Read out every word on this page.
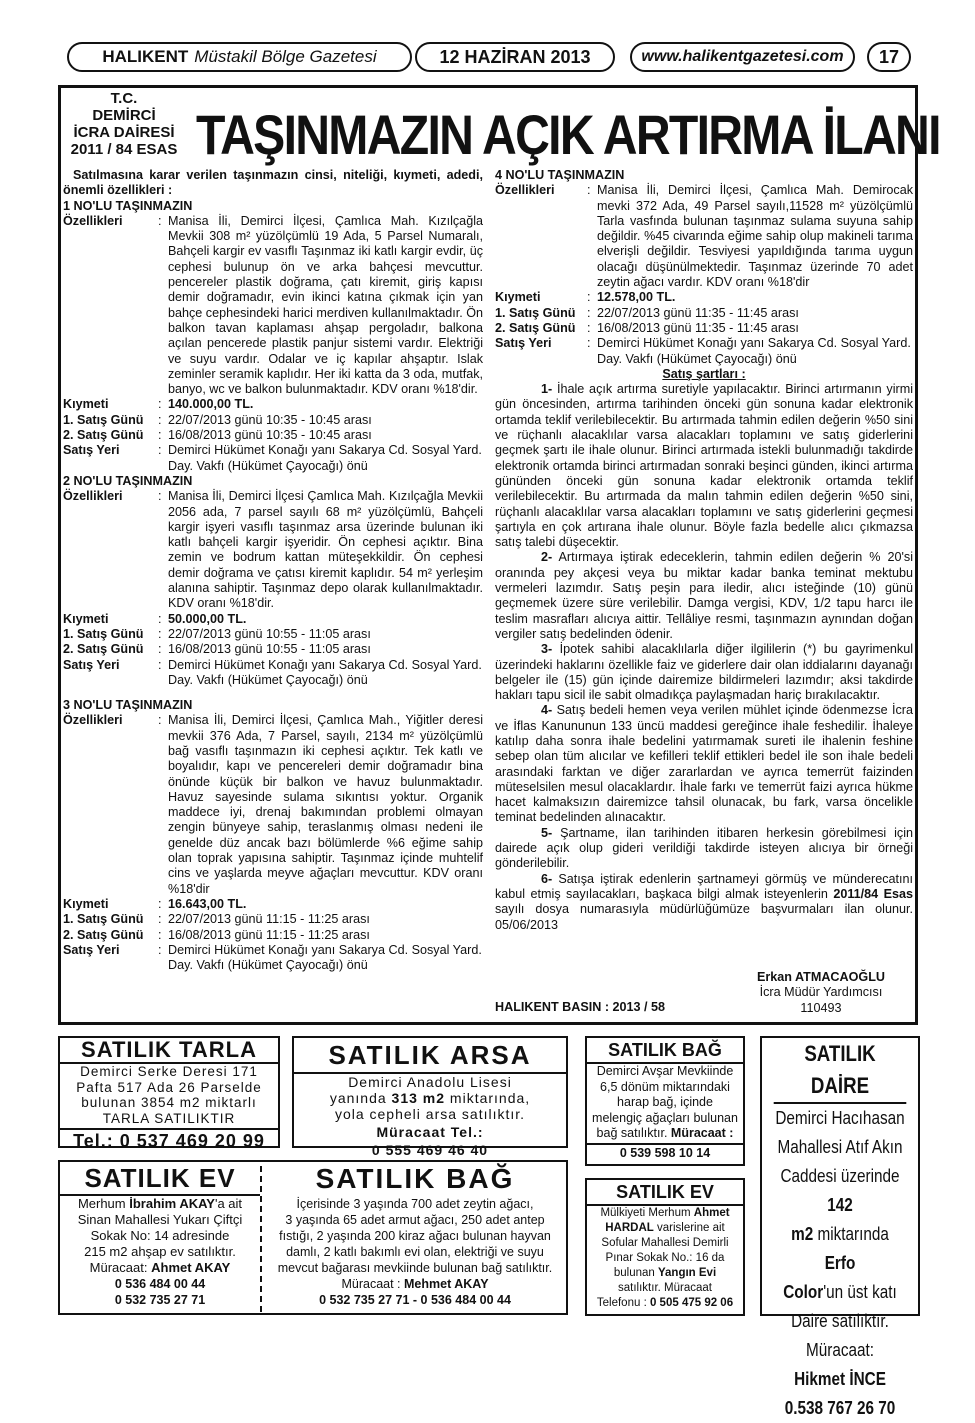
HALIKENT Müstakil Bölge Gazetesi	12 HAZİRAN 2013	www.halikentgazetesi.com	17
T.C.
DEMİRCİ
İCRA DAİRESİ
2011 / 84 ESAS TAŞINMAZIN AÇIK ARTIRMA İLANI
Satılmasına karar verilen taşınmazın cinsi, niteliği, kıymeti, adedi, önemli özellikleri :
1 NO'LU TAŞINMAZIN
Özellikleri	: Manisa İli, Demirci İlçesi, Çamlıca Mah. Kızılçağla Mevkii 308 m² yüzölçümlü 19 Ada, 5 Parsel Numaralı, Bahçeli kargir ev vasıflı Taşınmaz iki katlı kargir evdir, üç cephesi bulunup ön ve arka bahçesi mevcuttur. pencereler plastik doğrama, çatı kiremit, giriş kapısı demir doğramadır, evin ikinci katına çıkmak için yan bahçe cephesindeki harici merdiven kullanılmaktadır. Ön balkon tavan kaplaması ahşap pergoladır, balkona açılan pencerede plastik panjur sistemi vardır. Elektriği ve suyu vardır. Odalar ve iç kapılar ahşaptır. Islak zeminler seramik kaplıdır. Her iki katta da 3 oda, mutfak, banyo, wc ve balkon bulunmaktadır. KDV oranı %18'dir.
Kıymeti	: 140.000,00 TL.
1. Satış Günü	: 22/07/2013 günü 10:35 - 10:45 arası
2. Satış Günü	: 16/08/2013 günü 10:35 - 10:45 arası
Satış Yeri	: Demirci Hükümet Konağı yanı Sakarya Cd. Sosyal Yard. Day. Vakfı (Hükümet Çayocağı) önü
2 NO'LU TAŞINMAZIN
Özellikleri	: Manisa İli, Demirci İlçesi Çamlıca Mah. Kızılçağla Mevkii 2056 ada, 7 parsel sayılı 68 m² yüzölçümlü, Bahçeli kargir işyeri vasıflı taşınmaz arsa üzerinde bulunan iki katlı bahçeli kargir işyeridir. Ön cephesi açıktır. Bina zemin ve bodrum kattan müteşekkildir. Ön cephesi demir doğrama ve çatısı kiremit kaplıdır. 54 m² yerleşim alanına sahiptir. Taşınmaz depo olarak kullanılmaktadır. KDV oranı %18'dir.
Kıymeti	: 50.000,00 TL.
1. Satış Günü	: 22/07/2013 günü 10:55 - 11:05 arası
2. Satış Günü	: 16/08/2013 günü 10:55 - 11:05 arası
Satış Yeri	: Demirci Hükümet Konağı yanı Sakarya Cd. Sosyal Yard. Day. Vakfı (Hükümet Çayocağı) önü
3 NO'LU TAŞINMAZIN
Özellikleri	: Manisa İli, Demirci İlçesi, Çamlıca Mah., Yiğitler deresi mevkii 376 Ada, 7 Parsel, sayılı, 2134 m² yüzölçümlü bağ vasıflı taşınmazın iki cephesi açıktır. Tek katlı ve boyalıdır, kapı ve pencereleri demir doğramadır bina önünde küçük bir balkon ve havuz bulunmaktadır. Havuz sayesinde sulama sıkıntısı yoktur. Organik maddece iyi, drenaj bakımından problemi olmayan zengin bünyeye sahip, teraslanmış olması nedeni ile genelde düz ancak bazı bölümlerde %6 eğime sahip olan toprak yapısına sahiptir. Taşınmaz içinde muhtelif cins ve yaşlarda meyve ağaçları mevcuttur. KDV oranı %18'dir
Kıymeti	: 16.643,00 TL.
1. Satış Günü	: 22/07/2013 günü 11:15 - 11:25 arası
2. Satış Günü	: 16/08/2013 günü 11:15 - 11:25 arası
Satış Yeri	: Demirci Hükümet Konağı yanı Sakarya Cd. Sosyal Yard. Day. Vakfı (Hükümet Çayocağı) önü
4 NO'LU TAŞINMAZIN
Özellikleri	: Manisa İli, Demirci İlçesi, Çamlıca Mah. Demirocak mevki 372 Ada, 49 Parsel sayılı,11528 m² yüzölçümlü Tarla vasfında bulunan taşınmaz sulama suyuna sahip değildir. %45 civarında eğime sahip olup makineli tarıma elverişli değildir. Tesviyesi yapıldığında tarıma uygun olacağı düşünülmektedir. Taşınmaz üzerinde 70 adet zeytin ağacı vardır. KDV oranı %18'dir
Kıymeti	: 12.578,00 TL.
1. Satış Günü : 22/07/2013 günü 11:35 - 11:45 arası
2. Satış Günü : 16/08/2013 günü 11:35 - 11:45 arası
Satış Yeri	: Demirci Hükümet Konağı yanı Sakarya Cd. Sosyal Yard. Day. Vakfı (Hükümet Çayocağı) önü
Satış şartları :
1- İhale açık artırma suretiyle yapılacaktır. Birinci artırmanın yirmi gün öncesinden, artırma tarihinden önceki gün sonuna kadar elektronik ortamda teklif verilebilecektir. Bu artırmada tahmin edilen değerin %50 sini ve rüçhanlı alacaklılar varsa alacakları toplamını ve satış giderlerini geçmek şartı ile ihale olunur. Birinci artırmada istekli bulunmadığı takdirde elektronik ortamda birinci artırmadan sonraki beşinci günden, ikinci artırma gününden önceki gün sonuna kadar elektronik ortamda teklif verilebilecektir. Bu artırmada da malın tahmin edilen değerin %50 sini, rüçhanlı alacaklılar varsa alacakları toplamını ve satış giderlerini geçmesi şartıyla en çok artırana ihale olunur. Böyle fazla bedelle alıcı çıkmazsa satış talebi düşecektir.
2- Artırmaya iştirak edeceklerin, tahmin edilen değerin % 20'si oranında pey akçesi veya bu miktar kadar banka teminat mektubu vermeleri lazımdır. Satış peşin para iledir, alıcı isteğinde (10) günü geçmemek üzere süre verilebilir. Damga vergisi, KDV, 1/2 tapu harcı ile teslim masrafları alıcıya aittir. Tellâliye resmi, taşınmazın aynından doğan vergiler satış bedelinden ödenir.
3- İpotek sahibi alacaklılarla diğer ilgililerin (*) bu gayrimenkul üzerindeki haklarını özellikle faiz ve giderlere dair olan iddialarını dayanağı belgeler ile (15) gün içinde dairemize bildirmeleri lazımdır; aksi takdirde hakları tapu sicil ile sabit olmadıkça paylaşmadan hariç bırakılacaktır.
4- Satış bedeli hemen veya verilen mühlet içinde ödenmezse İcra ve İflas Kanununun 133 üncü maddesi gereğince ihale feshedilir. İhaleye katılıp daha sonra ihale bedelini yatırmamak sureti ile ihalenin feshine sebep olan tüm alıcılar ve kefilleri teklif ettikleri bedel ile son ihale bedeli arasındaki farktan ve diğer zararlardan ve ayrıca temerrüt faizinden müteselsilen mesul olacaklardır. İhale farkı ve temerrüt faizi ayrıca hükme hacet kalmaksızın dairemizce tahsil olunacak, bu fark, varsa öncelikle teminat bedelinden alınacaktır.
5- Şartname, ilan tarihinden itibaren herkesin görebilmesi için dairede açık olup gideri verildiği takdirde isteyen alıcıya bir örneği gönderilebilir.
6- Satışa iştirak edenlerin şartnameyi görmüş ve münderecatını kabul etmiş sayılacakları, başkaca bilgi almak isteyenlerin 2011/84 Esas sayılı dosya numarasıyla müdürlüğümüze başvurmaları ilan olunur. 05/06/2013
Erkan ATMACAOĞLU
İcra Müdür Yardımcısı
110493
HALIKENT BASIN : 2013 / 58
SATILIK TARLA
Demirci Serke Deresi 171
Pafta 517 Ada 26 Parselde
bulunan 3854 m2 miktarlı
TARLA SATILIKTIR
Tel.: 0 537 469 20 99
SATILIK ARSA
Demirci Anadolu Lisesi
yanında 313 m2 miktarında,
yola cepheli arsa satılıktır.
Müracaat Tel.:
0 555 469 46 40
SATILIK BAĞ
Demirci Avşar Mevkiinde
6,5 dönüm miktarındaki
harap bağ, içinde
melengiç ağaçları bulunan
bağ satılıktır. Müracaat :
0 539 598 10 14
SATILIK DAİRE
Demirci Hacıhasan
Mahallesi Atıf Akın
Caddesi üzerinde 142
m2 miktarında Erfo
Color'un üst katı
Daire satılıktır.
Müracaat:
Hikmet İNCE
0.538 767 26 70
SATILIK EV
Merhum İbrahim AKAY'a ait
Sinan Mahallesi Yukarı Çiftçi
Sokak No: 14 adresinde
215 m2 ahşap ev satılıktır.
Müracaat: Ahmet AKAY
0 536 484 00 44
0 532 735 27 71
SATILIK BAĞ
İçerisinde 3 yaşında 700 adet zeytin ağacı,
3 yaşında 65 adet armut ağacı, 250 adet antep
fıstığı, 2 yaşında 200 kiraz ağacı bulunan hayvan
damlı, 2 katlı bakımlı evi olan, elektriği ve suyu
mevcut bağarası mevkiinde bulunan bağ satılıktır.
Müracaat : Mehmet AKAY
0 532 735 27 71 - 0 536 484 00 44
SATILIK EV
Mülkiyeti Merhum Ahmet
HARDAL varislerine ait
Sofular Mahallesi Demirli
Pınar Sokak No.: 16 da
bulunan Yangın Evi
satılıktır. Müracaat
Telefonu : 0 505 475 92 06
